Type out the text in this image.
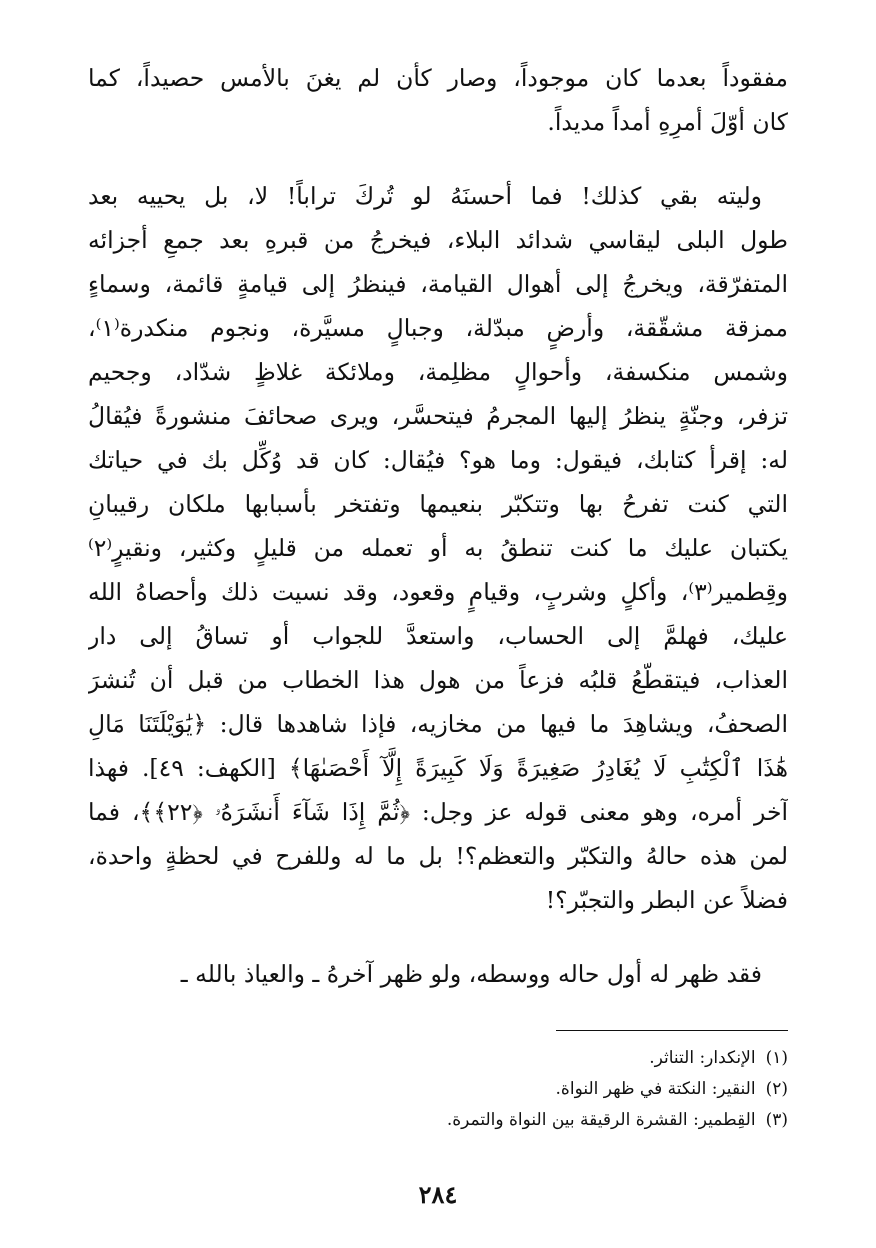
مفقوداً بعدما كان موجوداً، وصار كأن لم يغنَ بالأمس حصيداً، كما
كان أوّلَ أمرِهِ أمداً مديداً.
وليته بقي كذلك! فما أحسنَهُ لو تُركَ تراباً! لا، بل يحييه بعد
طول البلى ليقاسي شدائد البلاء، فيخرجُ من قبرهِ بعد جمعِ أجزائه
المتفرّقة، ويخرجُ إلى أهوال القيامة، فينظرُ إلى قيامةٍ قائمة، وسماءٍ
ممزقة مشقّقة، وأرضٍ مبدّلة، وجبالٍ مسيَّرة، ونجوم منكدرة⁽١⁾،
وشمس منكسفة، وأحوالٍ مظلِمة، وملائكة غلاظٍ شدّاد، وجحيم
تزفر، وجنّةٍ ينظرُ إليها المجرمُ فيتحسَّر، ويرى صحائفَ منشورةً فيُقالُ
له: إقرأ كتابك، فيقول: وما هو؟ فيُقال: كان قد وُكِّل بك في حياتك
التي كنت تفرحُ بها وتتكبّر بنعيمها وتفتخر بأسبابها ملكان رقيبانِ
يكتبان عليك ما كنت تنطقُ به أو تعمله من قليلٍ وكثير، ونقيرٍ⁽٢⁾
وقِطمير⁽٣⁾، وأكلٍ وشربٍ، وقيامٍ وقعود، وقد نسيت ذلك وأحصاهُ الله
عليك، فهلمَّ إلى الحساب، واستعدَّ للجواب أو تساقُ إلى دار
العذاب، فيتقطّعُ قلبُه فزعاً من هول هذا الخطاب من قبل أن تُنشرَ
الصحفُ، ويشاهِدَ ما فيها من مخازيه، فإذا شاهدها قال: ﴿يَٰوَيْلَتَنَا مَالِ
هَٰذَا ٱلْكِتَٰبِ لَا يُغَادِرُ صَغِيرَةً وَلَا كَبِيرَةً إِلَّآ أَحْصَىٰهَا﴾ [الكهف: ٤٩]. فهذا
آخر أمره، وهو معنى قوله عز وجل: ﴿ثُمَّ إِذَا شَآءَ أَنشَرَهُۥ ﴿٢٢﴾﴾، فما
لمن هذه حالهُ والتكبّر والتعظم؟! بل ما له وللفرح في لحظةٍ واحدة،
فضلاً عن البطر والتجبّر؟!
فقد ظهر له أول حاله ووسطه، ولو ظهر آخرهُ ـ والعياذ بالله ـ
(١)الإنكدار: التناثر.
(٢)النقير: النكتة في ظهر النواة.
(٣)القِطمير: القشرة الرقيقة بين النواة والتمرة.
٢٨٤
